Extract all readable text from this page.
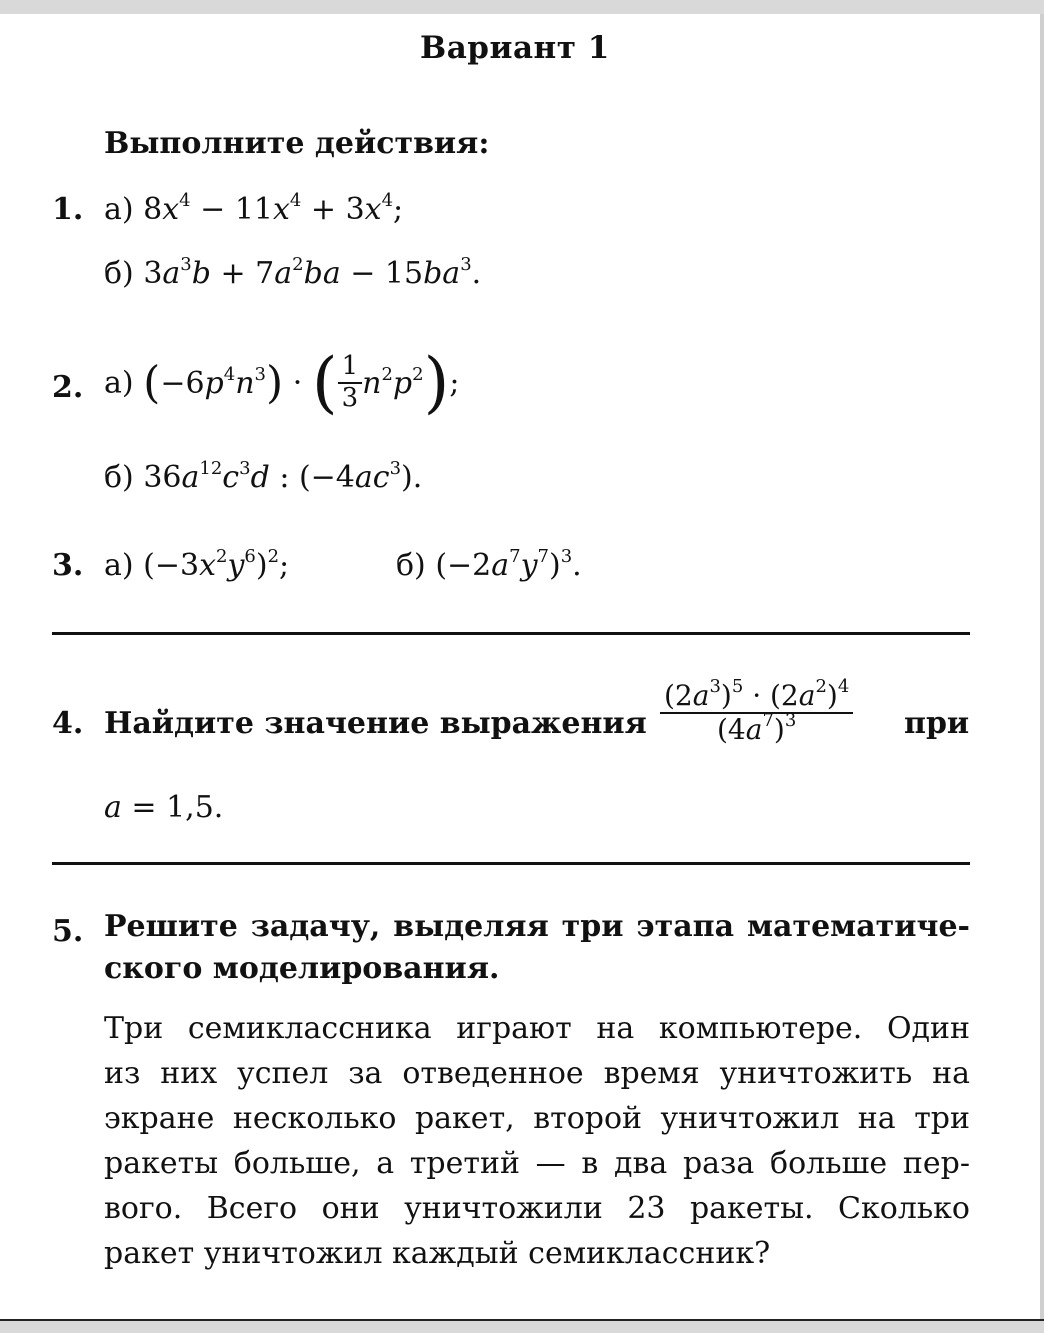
Вариант 1
Выполните действия:
1. а) $8x^4 - 11x^4 + 3x^4$;
б) $3a^3b + 7a^2ba - 15ba^3$.
2. а) $(-6p^4n^3)$ · ( $\frac{1}{3} n^2p^2$);
б) $36a^{12}c^3d$ : $(-4ac^3)$.
3. а) $(-3x^2y^6)^2$;	б) $(-2a^7y^7)^3$.
4. Найдите значение выражения $\frac{(2a^3)^5 \cdot (2a^2)^4}{(4a^7)^3}$ при
a = 1,5.
5. Решите задачу, выделяя три этапа математиче-
ского моделирования.
Три семиклассника играют на компьютере. Один
из них успел за отведенное время уничтожить на
экране несколько ракет, второй уничтожил на три
ракеты больше, а третий — в два раза больше пер-
вого. Всего они уничтожили 23 ракеты. Сколько
ракет уничтожил каждый семиклассник?
